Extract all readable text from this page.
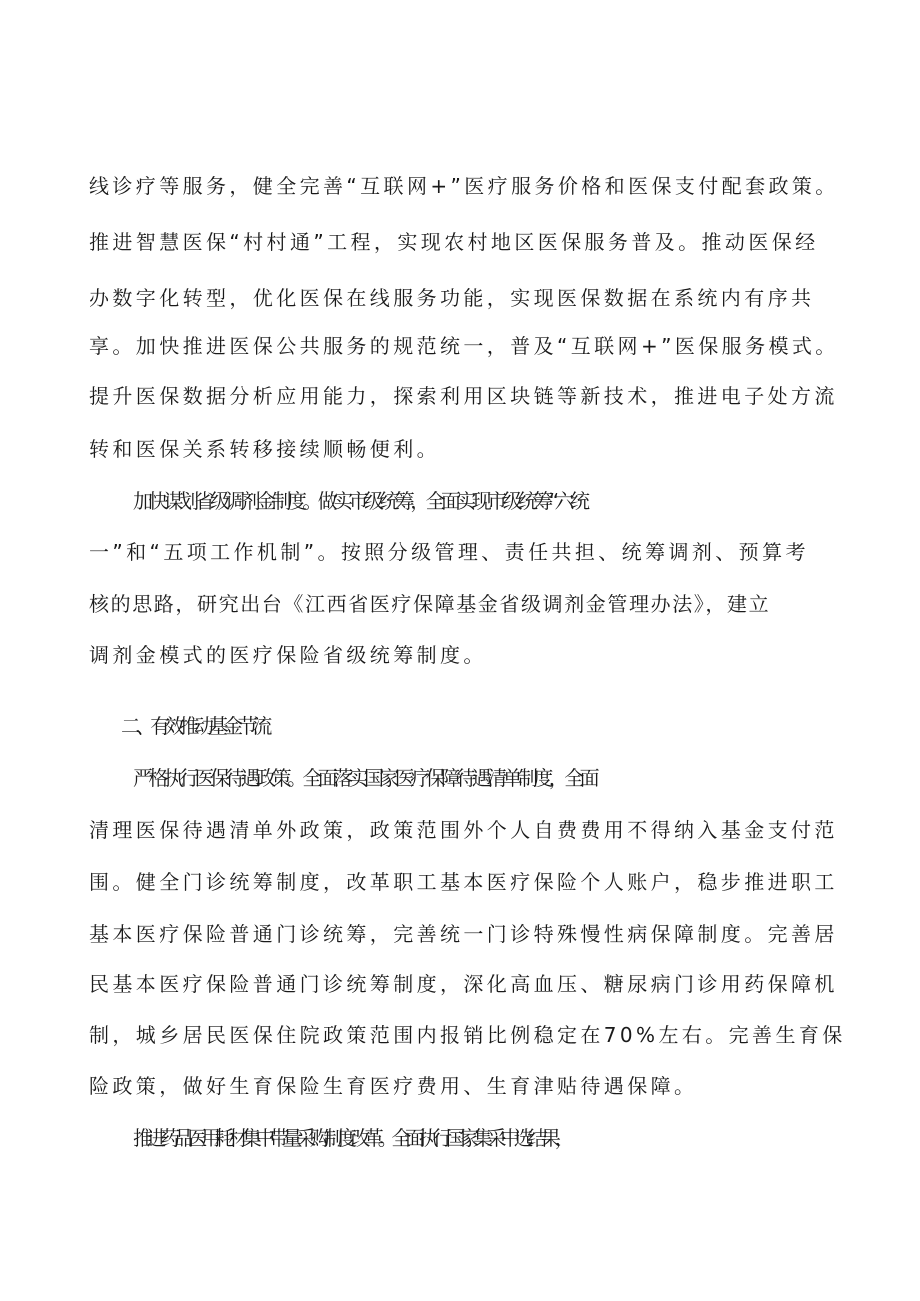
线诊疗等服务，健全完善“互联网+”医疗服务价格和医保支付配套政策。
推进智慧医保“村村通”工程，实现农村地区医保服务普及。推动医保经
办数字化转型，优化医保在线服务功能，实现医保数据在系统内有序共
享。加快推进医保公共服务的规范统一，普及“互联网+”医保服务模式。
提升医保数据分析应用能力，探索利用区块链等新技术，推进电子处方流
转和医保关系转移接续顺畅便利。
加快谋划省级调剂金制度。做实市级统筹，全面实现市级统筹“六统
一”和“五项工作机制”。按照分级管理、责任共担、统筹调剂、预算考
核的思路，研究出台《江西省医疗保障基金省级调剂金管理办法》，建立
调剂金模式的医疗保险省级统筹制度。
二、有效推动基金节流
严格执行医保待遇政策。全面落实国家医疗保障待遇清单制度，全面
清理医保待遇清单外政策，政策范围外个人自费费用不得纳入基金支付范
围。健全门诊统筹制度，改革职工基本医疗保险个人账户，稳步推进职工
基本医疗保险普通门诊统筹，完善统一门诊特殊慢性病保障制度。完善居
民基本医疗保险普通门诊统筹制度，深化高血压、糖尿病门诊用药保障机
制，城乡居民医保住院政策范围内报销比例稳定在70%左右。完善生育保
险政策，做好生育保险生育医疗费用、生育津贴待遇保障。
推进药品医用耗材集中带量采购制度改革。全面执行国家集采中选结果，
